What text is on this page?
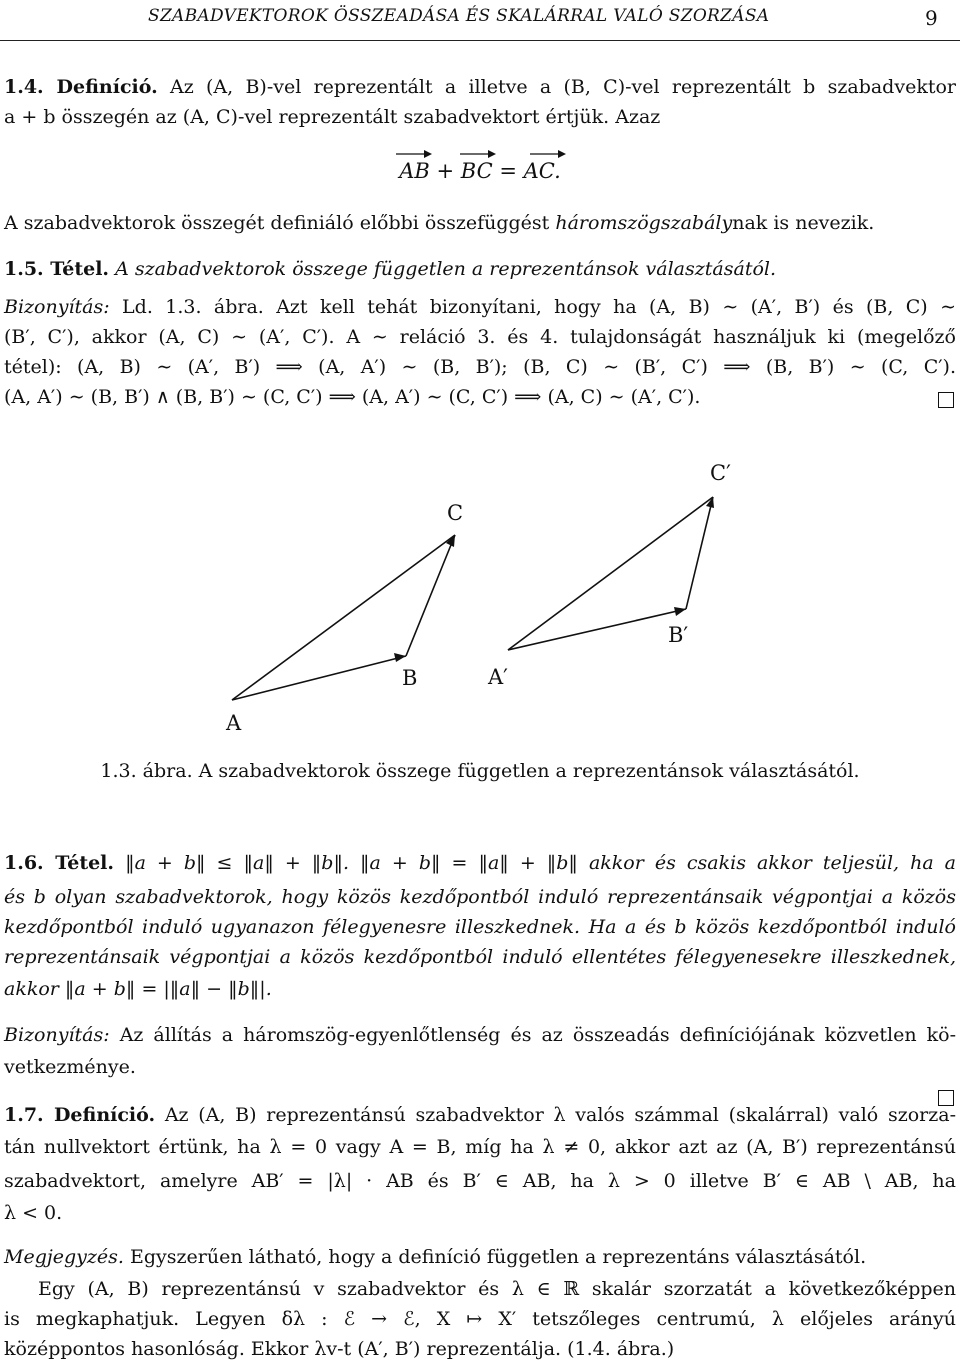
SZABADVEKTOROK ÖSSZEADÁSA ÉS SKALÁRRAL VALÓ SZORZÁSA	9
1.4. Definíció. Az (A, B)-vel reprezentált a illetve a (B, C)-vel reprezentált b szabadvektor
a + b összegén az (A, C)-vel reprezentált szabadvektort értjük. Azaz
AB + BC = AC.
A szabadvektorok összegét definiáló előbbi összefüggést háromszögszabálynak is nevezik.
1.5. Tétel. A szabadvektorok összege független a reprezentánsok választásától.
Bizonyítás: Ld. 1.3. ábra. Azt kell tehát bizonyítani, hogy ha (A, B) ∼ (A′, B′) és (B, C) ∼
(B′, C′), akkor (A, C) ∼ (A′, C′). A ∼ reláció 3. és 4. tulajdonságát használjuk ki (megelőző
tétel): (A, B) ∼ (A′, B′) ⟹ (A, A′) ∼ (B, B′); (B, C) ∼ (B′, C′) ⟹ (B, B′) ∼ (C, C′).
(A, A′) ∼ (B, B′) ∧ (B, B′) ∼ (C, C′) ⟹ (A, A′) ∼ (C, C′) ⟹ (A, C) ∼ (A′, C′).
A
B
C
A′
B′
C′
1.3. ábra. A szabadvektorok összege független a reprezentánsok választásától.
1.6. Tétel. ‖a + b‖ ≤ ‖a‖ + ‖b‖. ‖a + b‖ = ‖a‖ + ‖b‖ akkor és csakis akkor teljesül, ha a
és b olyan szabadvektorok, hogy közös kezdőpontból induló reprezentánsaik végpontjai a közös
kezdőpontból induló ugyanazon félegyenesre illeszkednek. Ha a és b közös kezdőpontból induló
reprezentánsaik végpontjai a közös kezdőpontból induló ellentétes félegyenesekre illeszkednek,
akkor ‖a + b‖ = |‖a‖ − ‖b‖|.
Bizonyítás: Az állítás a háromszög-egyenlőtlenség és az összeadás definíciójának közvetlen kö-
vetkezménye.
1.7. Definíció. Az (A, B) reprezentánsú szabadvektor λ valós számmal (skalárral) való szorza-
tán nullvektort értünk, ha λ = 0 vagy A = B, míg ha λ ≠ 0, akkor azt az (A, B′) reprezentánsú
szabadvektort, amelyre AB′ = |λ| · AB és B′ ∈ AB, ha λ > 0 illetve B′ ∈ AB \ AB, ha
λ < 0.
Megjegyzés. Egyszerűen látható, hogy a definíció független a reprezentáns választásától.
Egy (A, B) reprezentánsú v szabadvektor és λ ∈ ℝ skalár szorzatát a következőképpen
is megkaphatjuk. Legyen δλ : ℰ → ℰ, X ↦ X′ tetszőleges centrumú, λ előjeles arányú
középpontos hasonlóság. Ekkor λv-t (A′, B′) reprezentálja. (1.4. ábra.)
